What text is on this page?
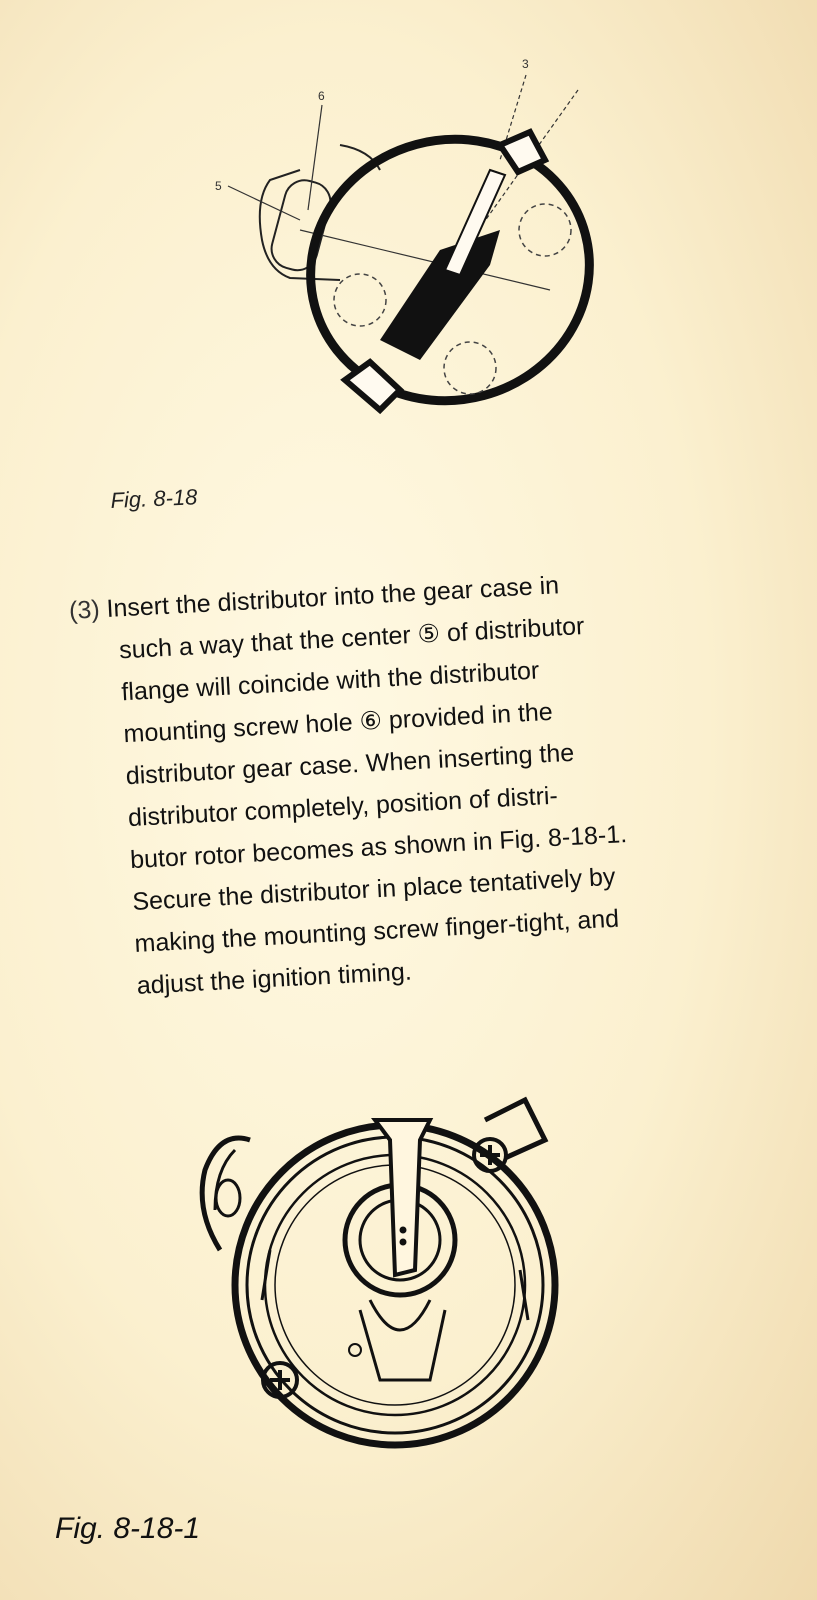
6
5
3
Fig. 8-18
(3) Insert the distributor into the gear case in
such a way that the center ⑤ of distributor
flange will coincide with the distributor
mounting screw hole ⑥ provided in the
distributor gear case. When inserting the
distributor completely, position of distri-
butor rotor becomes as shown in Fig. 8-18-1.
Secure the distributor in place tentatively by
making the mounting screw finger-tight, and
adjust the ignition timing.
Fig. 8-18-1
